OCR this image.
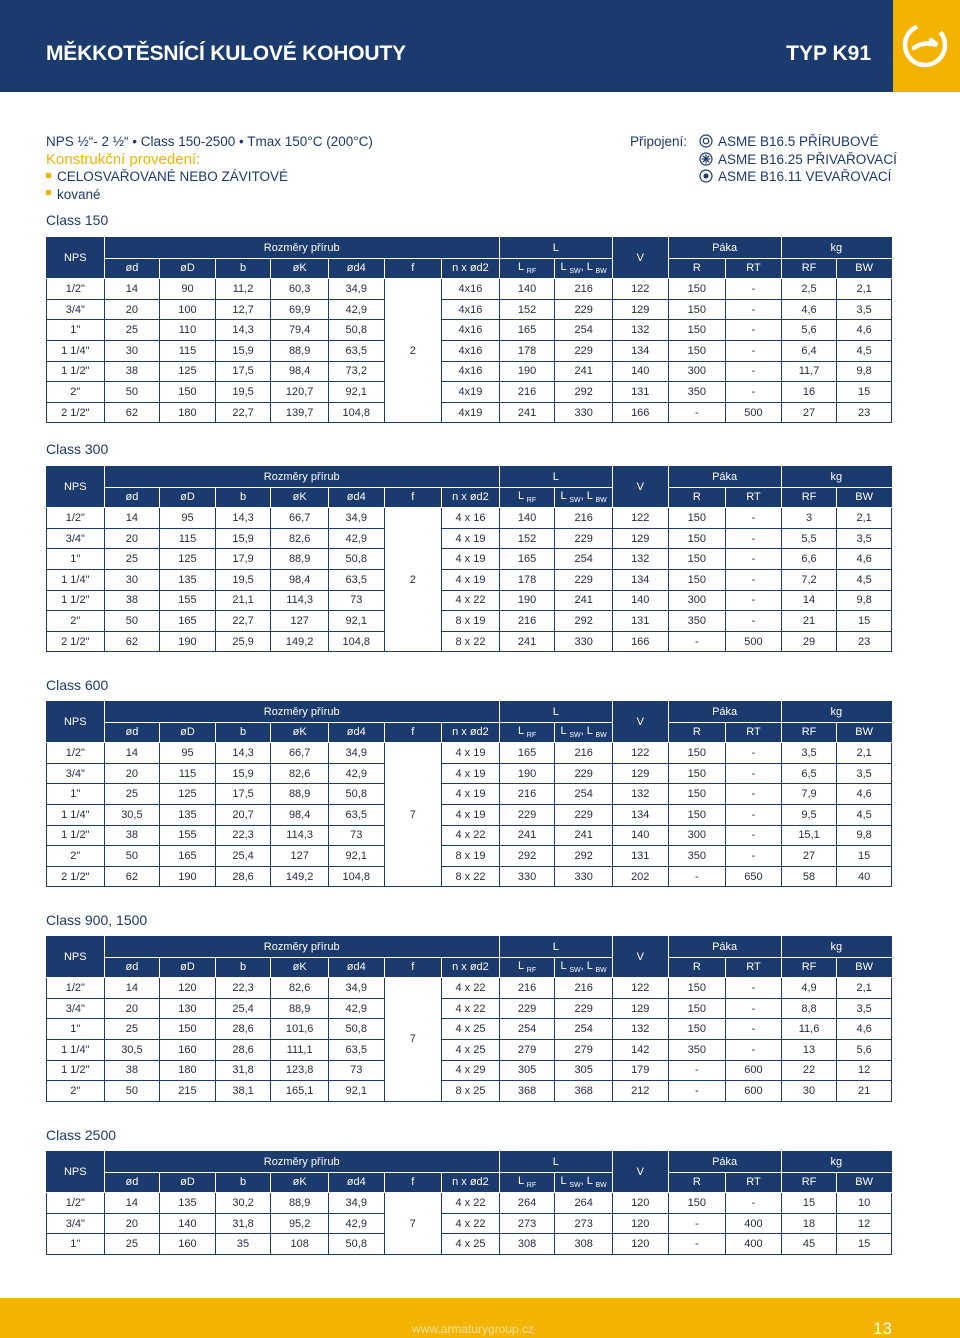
MĚKKOTĚSNÍCÍ KULOVÉ KOHOUTY	TYP K91
NPS ½“- 2 ½“ • Class 150-2500 • Tmax 150°C (200°C)
Konstrukční provedení:
CELOSVAŘOVANÉ NEBO ZÁVITOVÉ
kované
Připojení:	ASME B16.5 PŘÍRUBOVÉ
ASME B16.25 PŘIVAŘOVACÍ
ASME B16.11 VEVAŘOVACÍ
Class 150
NPS	Rozměry přírub							L		V	Páka		kg	
	ød	øD	b	øK	ød4	f	n x ød2	L $_{RF}$	L $_{SW}$, L $_{BW}$		R	RT	RF	BW
1/2"	14	90	11,2	60,3	34,9	2	4x16	140	216	122	150	-	2,5	2,1
3/4"	20	100	12,7	69,9	42,9		4x16	152	229	129	150	-	4,6	3,5
1"	25	110	14,3	79,4	50,8		4x16	165	254	132	150	-	5,6	4,6
1 1/4"	30	115	15,9	88,9	63,5		4x16	178	229	134	150	-	6,4	4,5
1 1/2"	38	125	17,5	98,4	73,2		4x16	190	241	140	300	-	11,7	9,8
2"	50	150	19,5	120,7	92,1		4x19	216	292	131	350	-	16	15
2 1/2"	62	180	22,7	139,7	104,8		4x19	241	330	166	-	500	27	23
Class 300
NPS	Rozměry přírub							L		V	Páka		kg	
	ød	øD	b	øK	ød4	f	n x ød2	L $_{RF}$	L $_{SW}$, L $_{BW}$		R	RT	RF	BW
1/2"	14	95	14,3	66,7	34,9	2	4 x 16	140	216	122	150	-	3	2,1
3/4"	20	115	15,9	82,6	42,9		4 x 19	152	229	129	150	-	5,5	3,5
1"	25	125	17,9	88,9	50,8		4 x 19	165	254	132	150	-	6,6	4,6
1 1/4"	30	135	19,5	98,4	63,5		4 x 19	178	229	134	150	-	7,2	4,5
1 1/2"	38	155	21,1	114,3	73		4 x 22	190	241	140	300	-	14	9,8
2"	50	165	22,7	127	92,1		8 x 19	216	292	131	350	-	21	15
2 1/2"	62	190	25,9	149,2	104,8		8 x 22	241	330	166	-	500	29	23
Class 600
NPS	Rozměry přírub							L		V	Páka		kg	
	ød	øD	b	øK	ød4	f	n x ød2	L $_{RF}$	L $_{SW}$, L $_{BW}$		R	RT	RF	BW
1/2"	14	95	14,3	66,7	34,9	7	4 x 19	165	216	122	150	-	3,5	2,1
3/4"	20	115	15,9	82,6	42,9		4 x 19	190	229	129	150	-	6,5	3,5
1"	25	125	17,5	88,9	50,8		4 x 19	216	254	132	150	-	7,9	4,6
1 1/4"	30,5	135	20,7	98,4	63,5		4 x 19	229	229	134	150	-	9,5	4,5
1 1/2"	38	155	22,3	114,3	73		4 x 22	241	241	140	300	-	15,1	9,8
2"	50	165	25,4	127	92,1		8 x 19	292	292	131	350	-	27	15
2 1/2"	62	190	28,6	149,2	104,8		8 x 22	330	330	202	-	650	58	40
Class 900, 1500
NPS	Rozměry přírub							L		V	Páka		kg	
	ød	øD	b	øK	ød4	f	n x ød2	L $_{RF}$	L $_{SW}$, L $_{BW}$		R	RT	RF	BW
1/2"	14	120	22,3	82,6	34,9	7	4 x 22	216	216	122	150	-	4,9	2,1
3/4"	20	130	25,4	88,9	42,9		4 x 22	229	229	129	150	-	8,8	3,5
1"	25	150	28,6	101,6	50,8		4 x 25	254	254	132	150	-	11,6	4,6
1 1/4"	30,5	160	28,6	111,1	63,5		4 x 25	279	279	142	350	-	13	5,6
1 1/2"	38	180	31,8	123,8	73		4 x 29	305	305	179	-	600	22	12
2"	50	215	38,1	165,1	92,1		8 x 25	368	368	212	-	600	30	21
Class 2500
NPS	Rozměry přírub							L		V	Páka		kg	
	ød	øD	b	øK	ød4	f	n x ød2	L $_{RF}$	L $_{SW}$, L $_{BW}$		R	RT	RF	BW
1/2"	14	135	30,2	88,9	34,9	7	4 x 22	264	264	120	150	-	15	10
3/4"	20	140	31,8	95,2	42,9		4 x 22	273	273	120	-	400	18	12
1"	25	160	35	108	50,8		4 x 25	308	308	120	-	400	45	15
www.armaturygroup.cz	13
